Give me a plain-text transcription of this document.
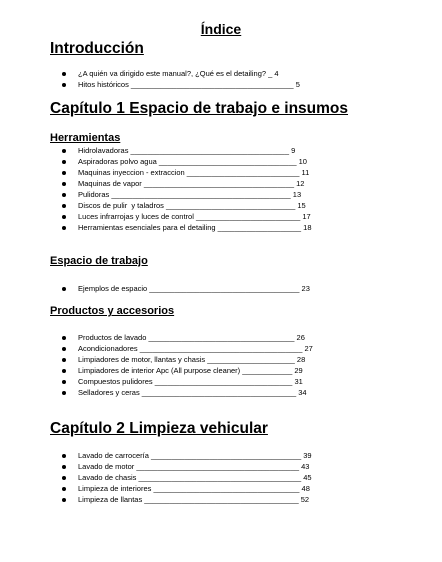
Índice
Introducción
¿A quién va dirigido este manual?, ¿Qué es el detailing? _ 4
Hitos históricos _______________________________________ 5
Capítulo 1 Espacio de trabajo e insumos
Herramientas
Hidrolavadoras ______________________________________ 9
Aspiradoras polvo agua _________________________________ 10
Maquinas inyeccion - extraccion ___________________________ 11
Maquinas de vapor ____________________________________ 12
Pulidoras ___________________________________________ 13
Discos de pulir  y taladros _______________________________ 15
Luces infrarrojas y luces de control _________________________ 17
Herramientas esenciales para el detailing ____________________ 18
Espacio de trabajo
Ejemplos de espacio ____________________________________ 23
Productos y accesorios
Productos de lavado ___________________________________ 26
Acondicionadores _______________________________________ 27
Limpiadores de motor, llantas y chasis _____________________ 28
Limpiadores de interior Apc (All purpose cleaner) ____________ 29
Compuestos pulidores _________________________________ 31
Selladores y ceras _____________________________________ 34
Capítulo 2 Limpieza vehicular
Lavado de carrocería ____________________________________ 39
Lavado de motor _______________________________________ 43
Lavado de chasis _______________________________________ 45
Limpieza de interiores ___________________________________ 48
Limpieza de llantas _____________________________________ 52
